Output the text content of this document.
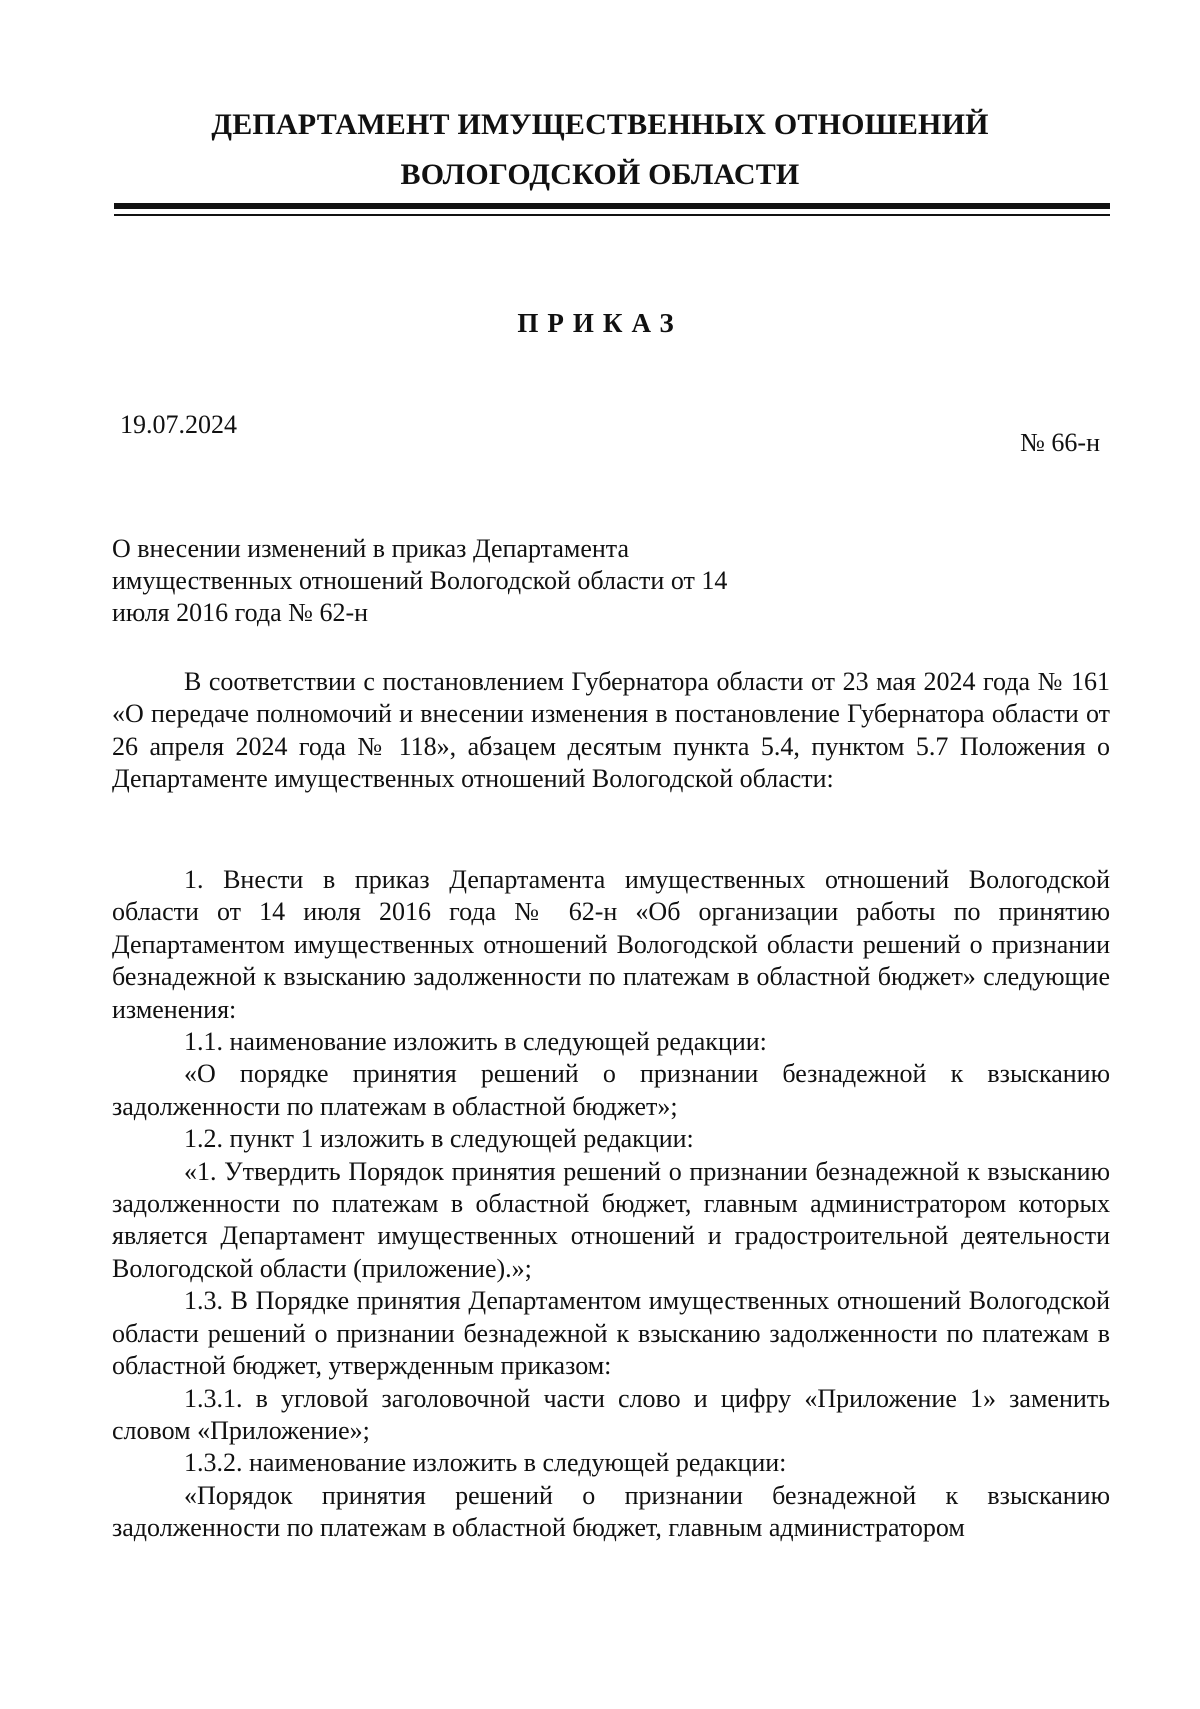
ДЕПАРТАМЕНТ ИМУЩЕСТВЕННЫХ ОТНОШЕНИЙ
ВОЛОГОДСКОЙ ОБЛАСТИ
ПРИКАЗ
19.07.2024
№ 66-н
О внесении изменений в приказ Департамента имущественных отношений Вологодской области от 14 июля 2016 года № 62-н

В соответствии с постановлением Губернатора области от 23 мая 2024 года № 161 «О передаче полномочий и внесении изменения в постановление Губернатора области от 26 апреля 2024 года № 118», абзацем десятым пункта 5.4, пунктом 5.7 Положения о Департаменте имущественных отношений Вологодской области:

1. Внести в приказ Департамента имущественных отношений Вологодской области от 14 июля 2016 года № 62-н «Об организации работы по принятию Департаментом имущественных отношений Вологодской области решений о признании безнадежной к взысканию задолженности по платежам в областной бюджет» следующие изменения:

1.1. наименование изложить в следующей редакции:

«О порядке принятия решений о признании безнадежной к взысканию задолженности по платежам в областной бюджет»;

1.2. пункт 1 изложить в следующей редакции:

«1. Утвердить Порядок принятия решений о признании безнадежной к взысканию задолженности по платежам в областной бюджет, главным администратором которых является Департамент имущественных отношений и градостроительной деятельности Вологодской области (приложение).»;

1.3. В Порядке принятия Департаментом имущественных отношений Вологодской области решений о признании безнадежной к взысканию задолженности по платежам в областной бюджет, утвержденным приказом:

1.3.1. в угловой заголовочной части слово и цифру «Приложение 1» заменить словом «Приложение»;

1.3.2. наименование изложить в следующей редакции:

«Порядок принятия решений о признании безнадежной к взысканию задолженности по платежам в областной бюджет, главным администратором
